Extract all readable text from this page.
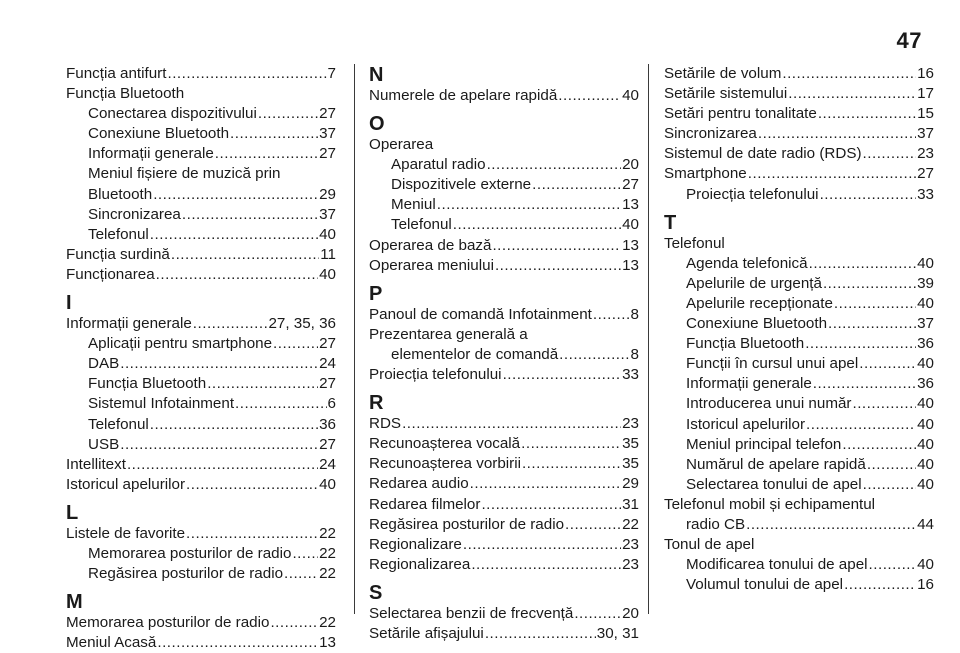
47
Funcția antifurt .....	7
Funcția Bluetooth
Conectarea dispozitivului .....	27
Conexiune Bluetooth .....	37
Informații generale .....	27
Meniul fișiere de muzică prin
Bluetooth .....	29
Sincronizarea .....	37
Telefonul .....	40
Funcția surdină .....	11
Funcționarea .....	40
I
Informații generale .....	27, 35, 36
Aplicații pentru smartphone .....	27
DAB .....	24
Funcția Bluetooth .....	27
Sistemul Infotainment .....	6
Telefonul .....	36
USB .....	27
Intellitext .....	24
Istoricul apelurilor .....	40
L
Listele de favorite .....	22
Memorarea posturilor de radio ..... 22
Regăsirea posturilor de radio ..... 22
M
Memorarea posturilor de radio .....	22
Meniul Acasă .....	13
N
Numerele de apelare rapidă .....	40
O
Operarea
Aparatul radio .....	20
Dispozitivele externe .....	27
Meniul .....	13
Telefonul .....	40
Operarea de bază .....	13
Operarea meniului .....	13
P
Panoul de comandă Infotainment .....	8
Prezentarea generală a
elementelor de comandă .....	8
Proiecția telefonului .....	33
R
RDS .....	23
Recunoașterea vocală .....	35
Recunoașterea vorbirii .....	35
Redarea audio .....	29
Redarea filmelor .....	31
Regăsirea posturilor de radio .....	22
Regionalizare .....	23
Regionalizarea .....	23
S
Selectarea benzii de frecvență .....	20
Setările afișajului .....	30, 31
Setările de volum .....	16
Setările sistemului .....	17
Setări pentru tonalitate .....	15
Sincronizarea .....	37
Sistemul de date radio (RDS) .....	23
Smartphone .....	27
Proiecția telefonului .....	33
T
Telefonul
Agenda telefonică .....	40
Apelurile de urgență .....	39
Apelurile recepționate .....	40
Conexiune Bluetooth .....	37
Funcția Bluetooth .....	36
Funcții în cursul unui apel .....	40
Informații generale .....	36
Introducerea unui număr .....	40
Istoricul apelurilor .....	40
Meniul principal telefon .....	40
Numărul de apelare rapidă .....	40
Selectarea tonului de apel .....	40
Telefonul mobil și echipamentul
radio CB .....	44
Tonul de apel
Modificarea tonului de apel .....	40
Volumul tonului de apel .....	16
